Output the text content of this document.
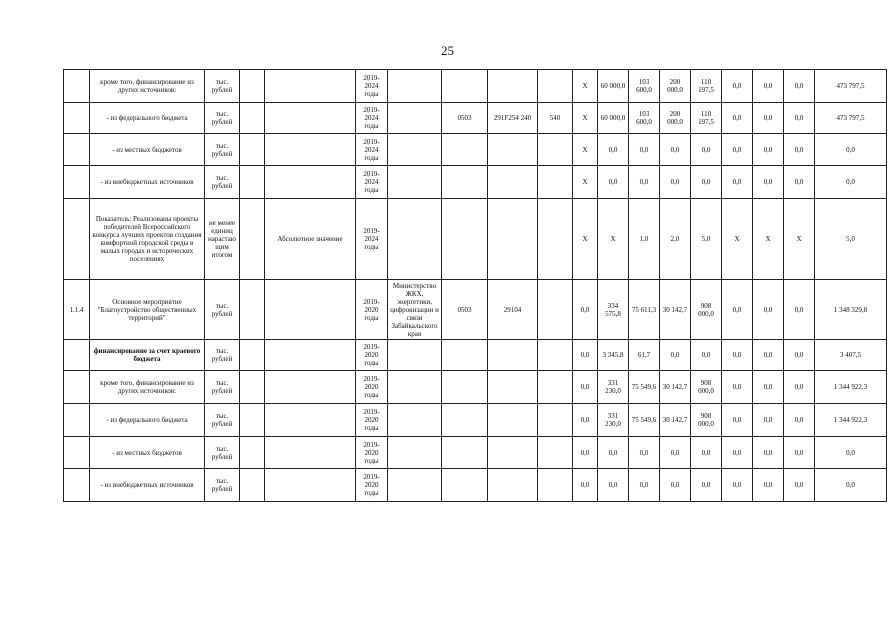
25
	кроме того, финансирование из других источников:	тыс. рублей			2019-2024 годы					Х	60 000,0	103 600,0	200 000,0	110 197,5	0,0	0,0	0,0	473 797,5
	- из федерального бюджета	тыс. рублей			2019-2024 годы		0503	291F254 240	540	Х	60 000,0	103 600,0	200 000,0	110 197,5	0,0	0,0	0,0	473 797,5
	- из местных бюджетов	тыс. рублей			2019-2024 годы					Х	0,0	0,0	0,0	0,0	0,0	0,0	0,0	0,0
	- из внебюджетных источников	тыс. рублей			2019-2024 годы					Х	0,0	0,0	0,0	0,0	0,0	0,0	0,0	0,0
	Показатель: Реализованы проекты победителей Всероссийского конкурса лучших проектов создания комфортной городской среды в малых городах и исторических поселениях	не менее единиц нарастающим итогом		Абсолютное значение	2019-2024 годы					Х	Х	1,0	2,0	5,0	Х	Х	Х	5,0
1.1.4	Основное мероприятие "Благоустройство общественных территорий"	тыс. рублей			2019-2020 годы	Министерство ЖКХ, энергетики, цифровизации и связи Забайкальского края	0503	29104		0,0	334 575,8	75 611,3	30 142,7	908 000,0	0,0	0,0	0,0	1 348 329,8
	финансирование за счет краевого бюджета	тыс. рублей			2019-2020 годы					0,0	3 345,8	61,7	0,0	0,0	0,0	0,0	0,0	3 407,5
	кроме того, финансирование из других источников:	тыс. рублей			2019-2020 годы					0,0	331 230,0	75 549,6	30 142,7	908 000,0	0,0	0,0	0,0	1 344 922,3
	- из федерального бюджета	тыс. рублей			2019-2020 годы					0,0	331 230,0	75 549,6	30 142,7	908 000,0	0,0	0,0	0,0	1 344 922,3
	- из местных бюджетов	тыс. рублей			2019-2020 годы					0,0	0,0	0,0	0,0	0,0	0,0	0,0	0,0	0,0
	- из внебюджетных источников	тыс. рублей			2019-2020 годы					0,0	0,0	0,0	0,0	0,0	0,0	0,0	0,0	0,0
